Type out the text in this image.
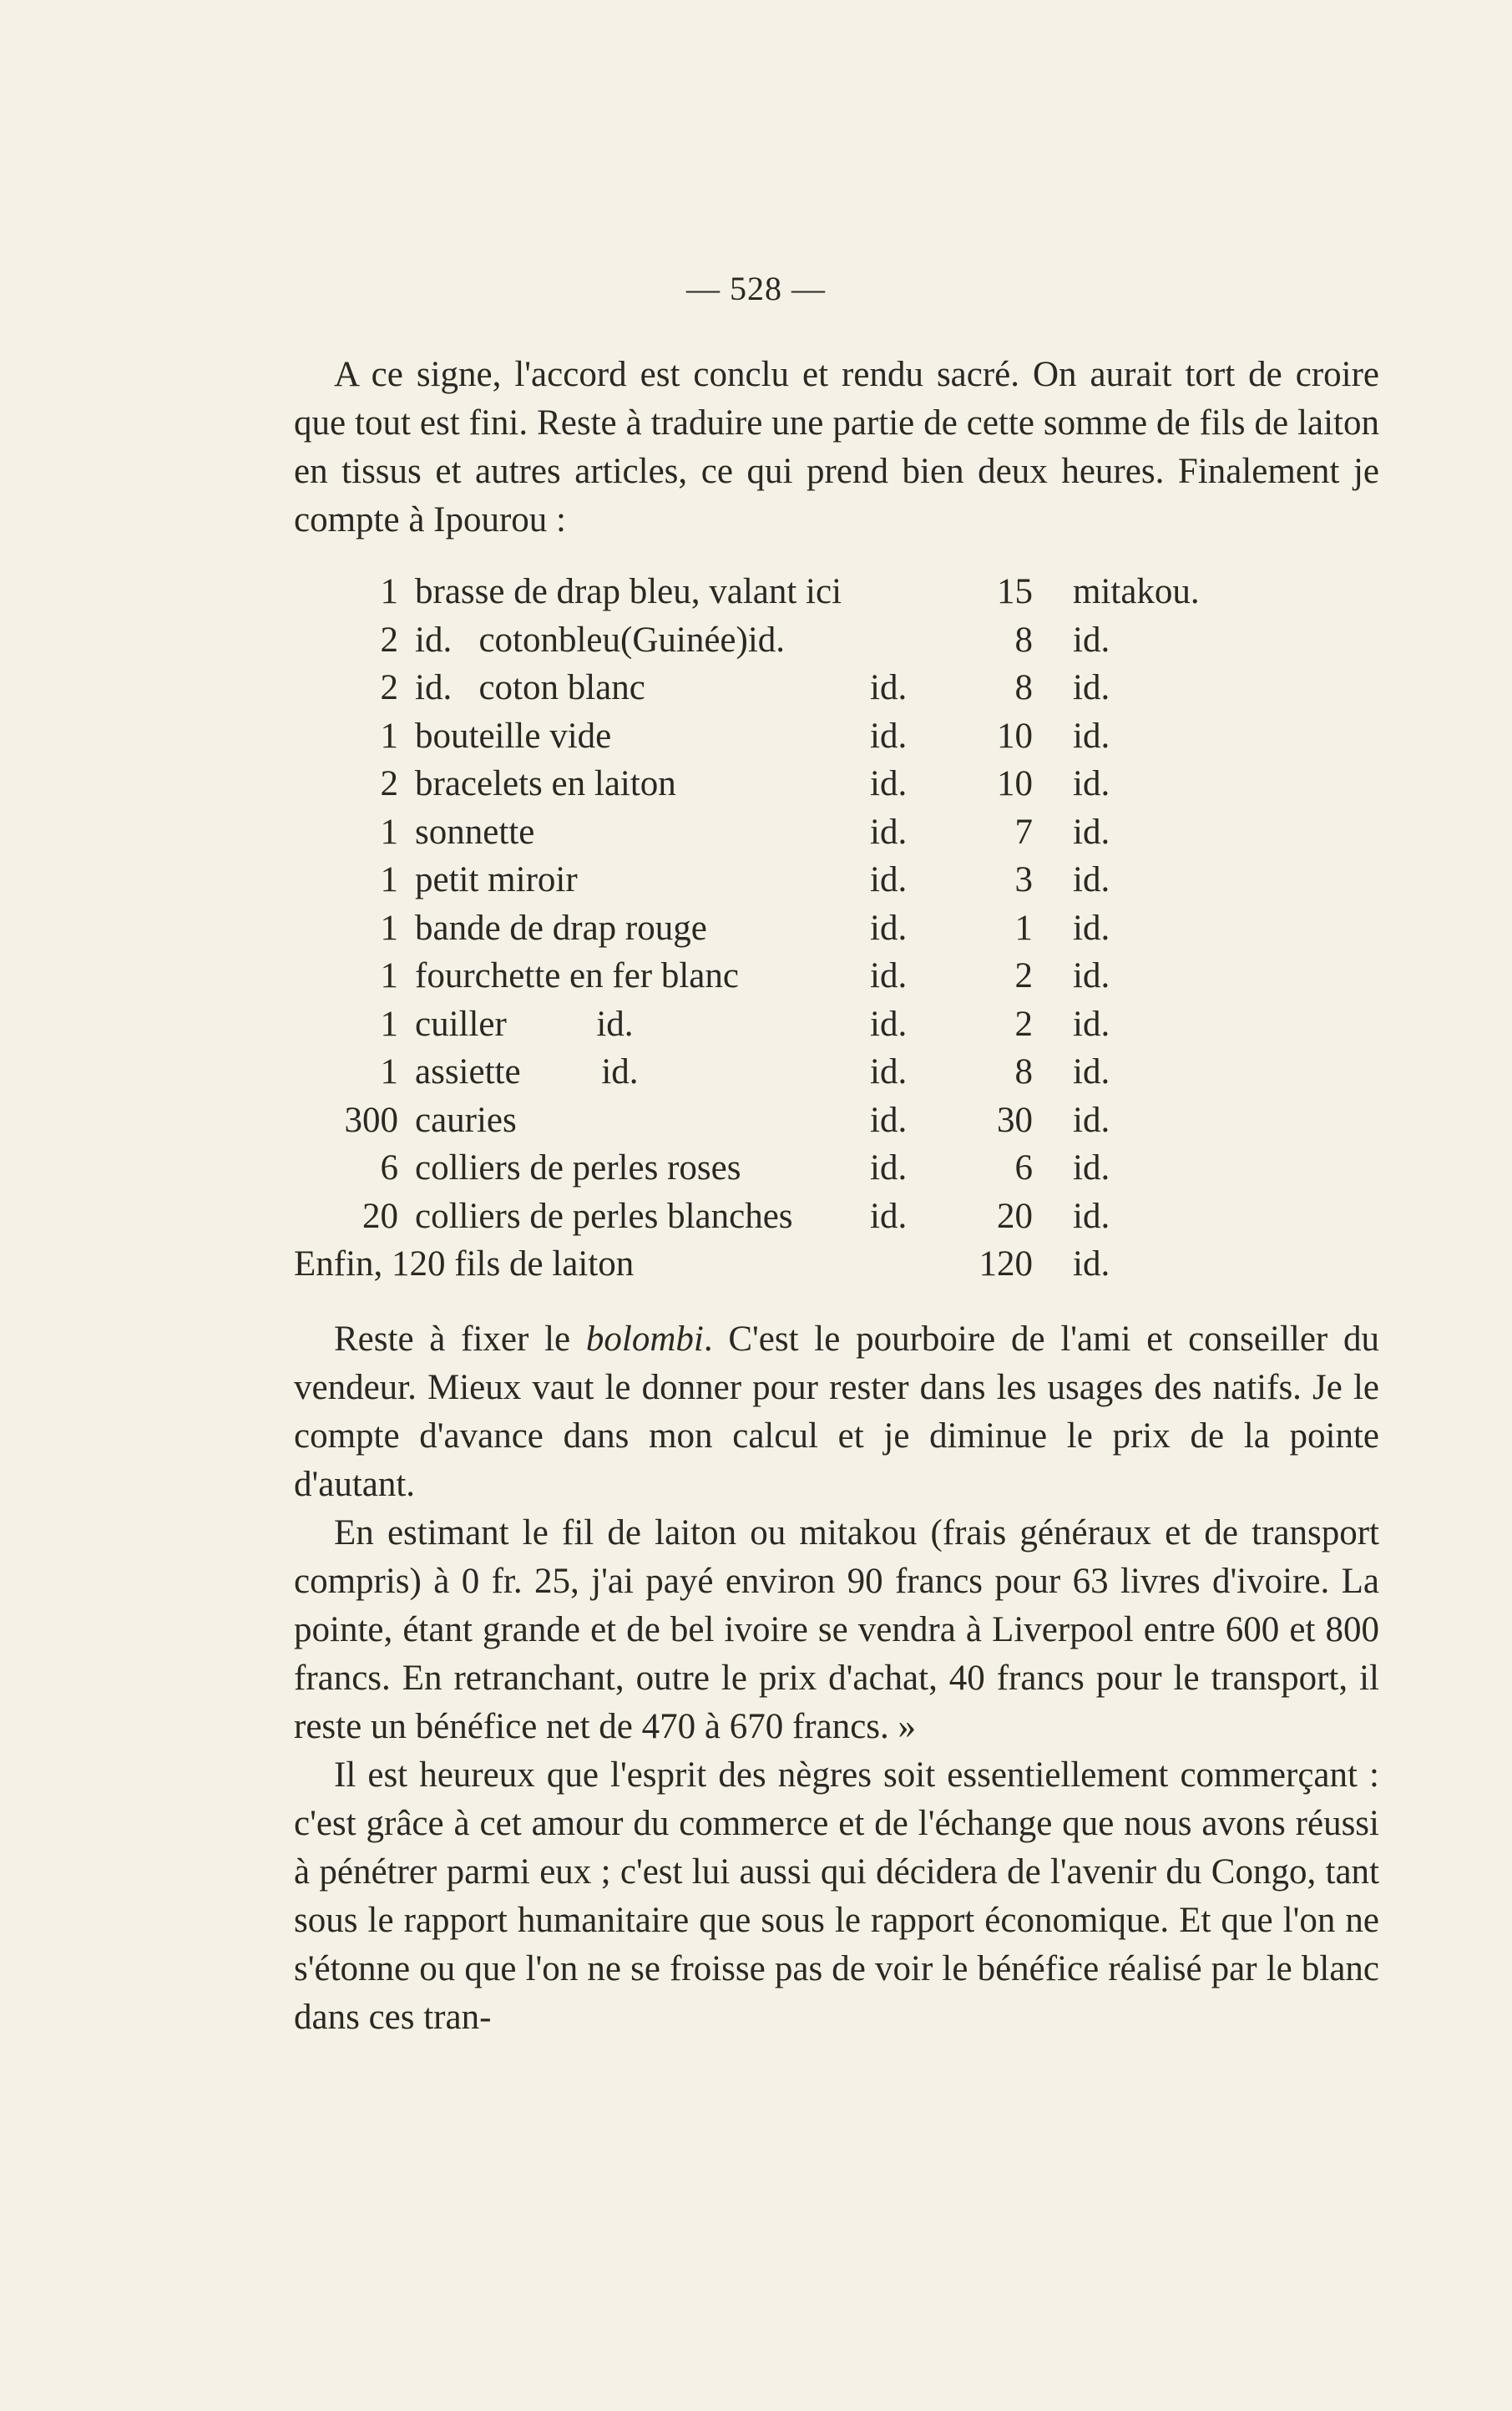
— 528 —

A ce signe, l'accord est conclu et rendu sacré. On aurait tort de croire que tout est fini. Reste à traduire une partie de cette somme de fils de laiton en tissus et autres articles, ce qui prend bien deux heures. Finalement je compte à Ipourou :

1	brasse de drap bleu, valant ici		15	mitakou.
2	id.   cotonbleu(Guinée)id.		8	id.
2	id.   coton blanc	id.	8	id.
1	bouteille vide	id.	10	id.
2	bracelets en laiton	id.	10	id.
1	sonnette	id.	7	id.
1	petit miroir	id.	3	id.
1	bande de drap rouge	id.	1	id.
1	fourchette en fer blanc	id.	2	id.
1	cuiller          id.	id.	2	id.
1	assiette         id.	id.	8	id.
300	cauries	id.	30	id.
6	colliers de perles roses	id.	6	id.
20	colliers de perles blanches	id.	20	id.
Enfin, 120 fils de laiton	120	id.

Reste à fixer le bolombi. C'est le pourboire de l'ami et conseiller du vendeur. Mieux vaut le donner pour rester dans les usages des natifs. Je le compte d'avance dans mon calcul et je diminue le prix de la pointe d'autant.

En estimant le fil de laiton ou mitakou (frais généraux et de transport compris) à 0 fr. 25, j'ai payé environ 90 francs pour 63 livres d'ivoire. La pointe, étant grande et de bel ivoire se vendra à Liverpool entre 600 et 800 francs. En retranchant, outre le prix d'achat, 40 francs pour le transport, il reste un bénéfice net de 470 à 670 francs. »

Il est heureux que l'esprit des nègres soit essentiellement commerçant : c'est grâce à cet amour du commerce et de l'échange que nous avons réussi à pénétrer parmi eux ; c'est lui aussi qui décidera de l'avenir du Congo, tant sous le rapport humanitaire que sous le rapport économique. Et que l'on ne s'étonne ou que l'on ne se froisse pas de voir le bénéfice réalisé par le blanc dans ces tran-
